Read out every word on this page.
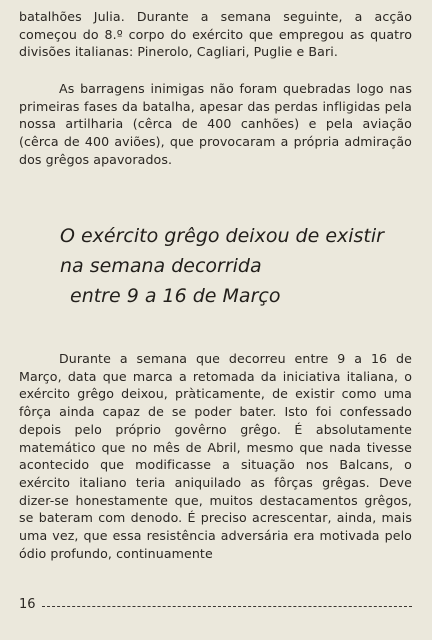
batalhões Julia. Durante a semana seguinte, a acção começou do 8.º corpo do exército que empregou as quatro divisões italianas: Pinerolo, Cagliari, Puglie e Bari.

As barragens inimigas não foram quebradas logo nas primeiras fases da batalha, apesar das perdas infligidas pela nossa artilharia (cêrca de 400 canhões) e pela aviação (cêrca de 400 aviões), que provocaram a própria admiração dos grêgos apavorados.

O exército grêgo deixou de existir
na semana decorrida
entre 9 a 16 de Março

Durante a semana que decorreu entre 9 a 16 de Março, data que marca a retomada da iniciativa italiana, o exército grêgo deixou, pràticamente, de existir como uma fôrça ainda capaz de se poder bater. Isto foi confessado depois pelo próprio govêrno grêgo. É absolutamente matemático que no mês de Abril, mesmo que nada tivesse acontecido que modificasse a situação nos Balcans, o exército italiano teria aniquilado as fôrças grêgas. Deve dizer-se honestamente que, muitos destacamentos grêgos, se bateram com denodo. É preciso acrescentar, ainda, mais uma vez, que essa resistência adversária era motivada pelo ódio profundo, continuamente

16
